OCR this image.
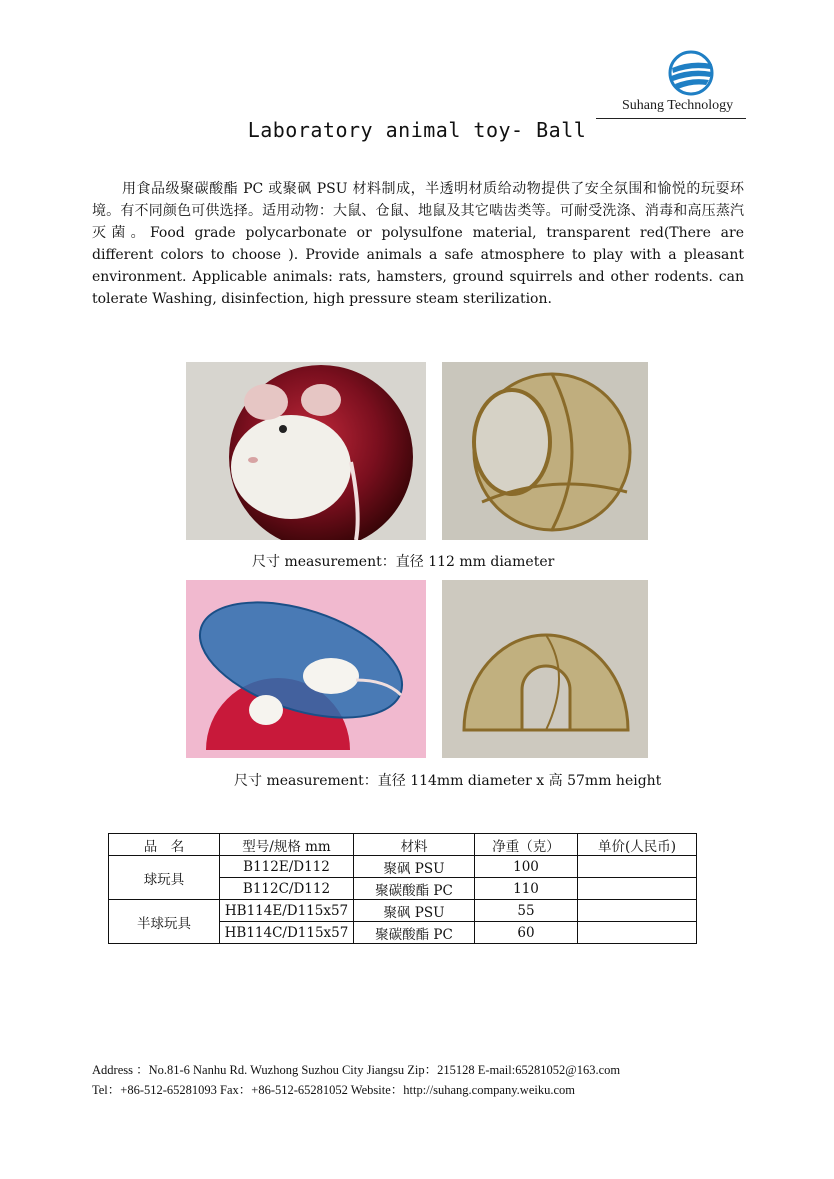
Suhang Technology
Laboratory animal toy- Ball
用食品级聚碳酸酯 PC 或聚砜 PSU 材料制成，半透明材质给动物提供了安全氛围和愉悦的玩耍环境。有不同颜色可供选择。适用动物：大鼠、仓鼠、地鼠及其它啮齿类等。可耐受洗涤、消毒和高压蒸汽灭菌。Food grade polycarbonate or polysulfone material, transparent red(There are different colors to choose ). Provide animals a safe atmosphere to play with a pleasant environment. Applicable animals: rats, hamsters, ground squirrels and other rodents. can tolerate Washing, disinfection, high pressure steam sterilization.
尺寸 measurement：直径 112 mm diameter
尺寸 measurement：直径 114mm diameter x 高 57mm height
品　名	型号/规格 mm	材料	净重（克）	单价(人民币)
球玩具	B112E/D112	聚砜 PSU	100	
	B112C/D112	聚碳酸酯 PC	110	
半球玩具	HB114E/D115x57	聚砜 PSU	55	
	HB114C/D115x57	聚碳酸酯 PC	60	
Address ：No.81-6 Nanhu Rd. Wuzhong Suzhou City Jiangsu Zip：215128 E-mail:65281052@163.com
Tel：+86-512-65281093 Fax：+86-512-65281052 Website：http://suhang.company.weiku.com
